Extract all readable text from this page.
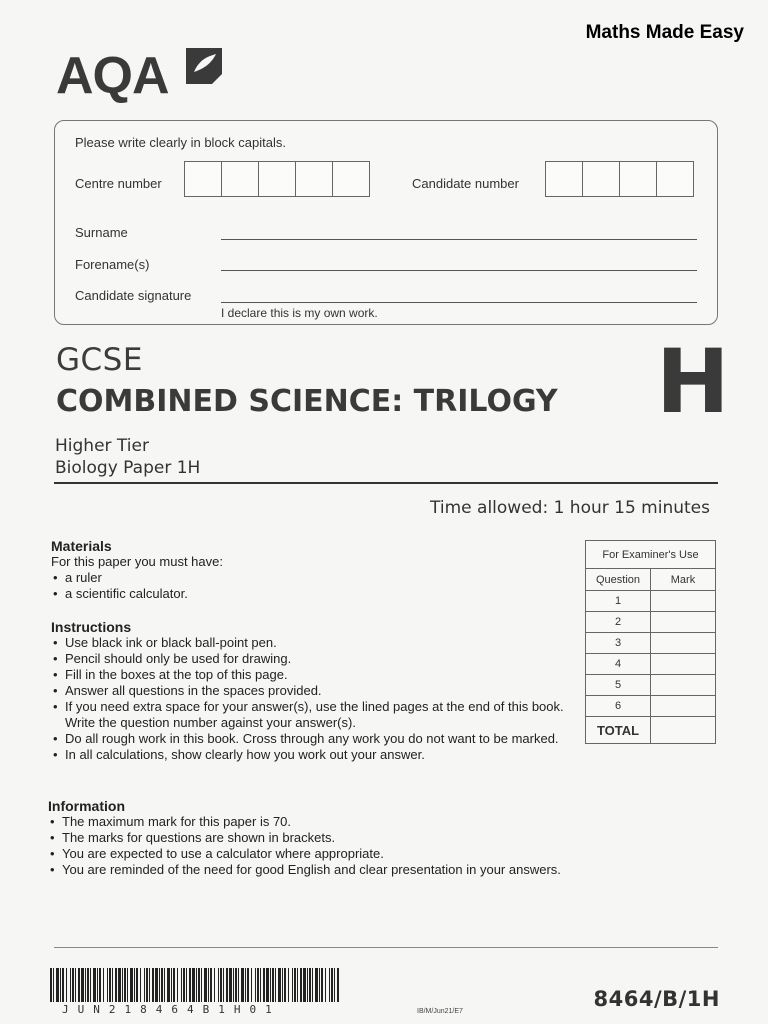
Maths Made Easy
AQA
Please write clearly in block capitals.
Centre number	Candidate number
Surname
Forename(s)
Candidate signature
I declare this is my own work.
GCSE
COMBINED SCIENCE: TRILOGY H
Higher Tier
Biology Paper 1H
Time allowed: 1 hour 15 minutes
Materials
For this paper you must have:
• a ruler
• a scientific calculator.
Instructions
• Use black ink or black ball-point pen.
• Pencil should only be used for drawing.
• Fill in the boxes at the top of this page.
• Answer all questions in the spaces provided.
• If you need extra space for your answer(s), use the lined pages at the end of this book. Write the question number against your answer(s).
• Do all rough work in this book. Cross through any work you do not want to be marked.
• In all calculations, show clearly how you work out your answer.
Information
• The maximum mark for this paper is 70.
• The marks for questions are shown in brackets.
• You are expected to use a calculator where appropriate.
• You are reminded of the need for good English and clear presentation in your answers.
For Examiner's Use	
Question	Mark
1	
2	
3	
4	
5	
6	
TOTAL	
JUN218464B1H01	IB/M/Jun21/E7
8464/B/1H
